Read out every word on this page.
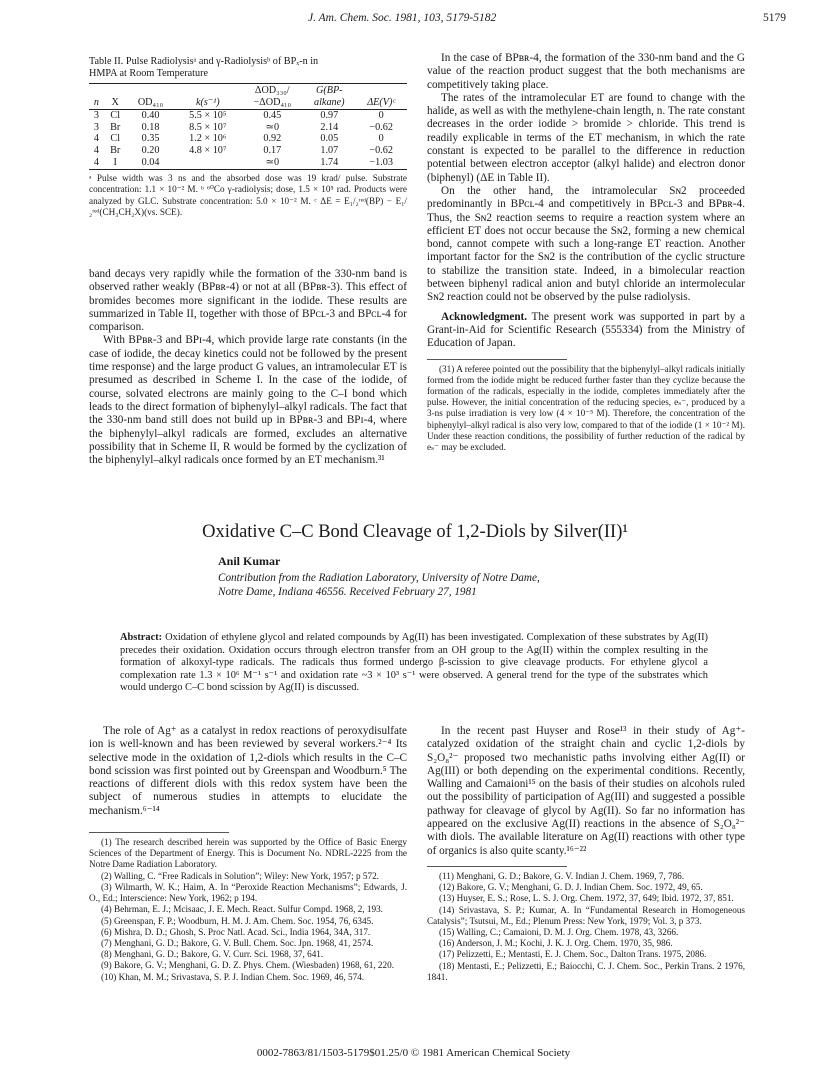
J. Am. Chem. Soc. 1981, 103, 5179-5182	5179
Table II. Pulse Radiolysisᵃ and γ-Radiolysisᵇ of BPₓ-n in
HMPA at Room Temperature
n	X	OD₄₁₀	k(s⁻¹)	ΔOD₃₃₀/ −ΔOD₄₁₀	G(BP-alkane)	ΔE(V)ᶜ

3	Cl	0.40	5.5 × 10⁵	0.45	0.97	0
3	Br	0.18	8.5 × 10⁷	≃0	2.14	−0.62
4	Cl	0.35	1.2 × 10⁶	0.92	0.05	0
4	Br	0.20	4.8 × 10⁷	0.17	1.07	−0.62
4	I	0.04		≃0	1.74	−1.03
ᵃ Pulse width was 3 ns and the absorbed dose was 19 krad/ pulse. Substrate concentration: 1.1 × 10⁻² M. ᵇ ⁶⁰Co γ-radiolysis; dose, 1.5 × 10⁵ rad. Products were analyzed by GLC. Substrate concentration: 5.0 × 10⁻² M. ᶜ ΔE = E₁/₂ʳᵉᵈ(BP) − E₁/₂ʳᵉᵈ(CH₃CH₂X)(vs. SCE).

band decays very rapidly while the formation of the 330-nm band is observed rather weakly (BPʙʀ-4) or not at all (BPʙʀ-3). This effect of bromides becomes more significant in the iodide. These results are summarized in Table II, together with those of BPᴄʟ-3 and BPᴄʟ-4 for comparison.

With BPʙʀ-3 and BPɪ-4, which provide large rate constants (in the case of iodide, the decay kinetics could not be followed by the present time response) and the large product G values, an intramolecular ET is presumed as described in Scheme I. In the case of the iodide, of course, solvated electrons are mainly going to the C–I bond which leads to the direct formation of biphenylyl–alkyl radicals. The fact that the 330-nm band still does not build up in BPʙʀ-3 and BPɪ-4, where the biphenylyl–alkyl radicals are formed, excludes an alternative possibility that in Scheme II, R would be formed by the cyclization of the biphenylyl–alkyl radicals once formed by an ET mechanism.³¹

In the case of BPʙʀ-4, the formation of the 330-nm band and the G value of the reaction product suggest that the both mechanisms are competitively taking place.

The rates of the intramolecular ET are found to change with the halide, as well as with the methylene-chain length, n. The rate constant decreases in the order iodide > bromide > chloride. This trend is readily explicable in terms of the ET mechanism, in which the rate constant is expected to be parallel to the difference in reduction potential between electron acceptor (alkyl halide) and electron donor (biphenyl) (ΔE in Table II).

On the other hand, the intramolecular Sɴ2 proceeded predominantly in BPᴄʟ-4 and competitively in BPᴄʟ-3 and BPʙʀ-4. Thus, the Sɴ2 reaction seems to require a reaction system where an efficient ET does not occur because the Sɴ2, forming a new chemical bond, cannot compete with such a long-range ET reaction. Another important factor for the Sɴ2 is the contribution of the cyclic structure to stabilize the transition state. Indeed, in a bimolecular reaction between biphenyl radical anion and butyl chloride an intermolecular Sɴ2 reaction could not be observed by the pulse radiolysis.

Acknowledgment. The present work was supported in part by a Grant-in-Aid for Scientific Research (555334) from the Ministry of Education of Japan.

(31) A referee pointed out the possibility that the biphenylyl–alkyl radicals initially formed from the iodide might be reduced further faster than they cyclize because the formation of the radicals, especially in the iodide, completes immediately after the pulse. However, the initial concentration of the reducing species, eₛ⁻, produced by a 3-ns pulse irradiation is very low (4 × 10⁻⁵ M). Therefore, the concentration of the biphenylyl–alkyl radical is also very low, compared to that of the iodide (1 × 10⁻² M). Under these reaction conditions, the possibility of further reduction of the radical by eₛ⁻ may be excluded.

Oxidative C–C Bond Cleavage of 1,2-Diols by Silver(II)¹
Anil Kumar
Contribution from the Radiation Laboratory, University of Notre Dame,
Notre Dame, Indiana 46556. Received February 27, 1981
Abstract: Oxidation of ethylene glycol and related compounds by Ag(II) has been investigated. Complexation of these substrates by Ag(II) precedes their oxidation. Oxidation occurs through electron transfer from an OH group to the Ag(II) within the complex resulting in the formation of alkoxyl-type radicals. The radicals thus formed undergo β-scission to give cleavage products. For ethylene glycol a complexation rate 1.3 × 10⁶ M⁻¹ s⁻¹ and oxidation rate ~3 × 10³ s⁻¹ were observed. A general trend for the type of the substrates which would undergo C–C bond scission by Ag(II) is discussed.

The role of Ag⁺ as a catalyst in redox reactions of peroxydisulfate ion is well-known and has been reviewed by several workers.²⁻⁴ Its selective mode in the oxidation of 1,2-diols which results in the C–C bond scission was first pointed out by Greenspan and Woodburn.⁵ The reactions of different diols with this redox system have been the subject of numerous studies in attempts to elucidate the mechanism.⁶⁻¹⁴

(1) The research described herein was supported by the Office of Basic Energy Sciences of the Department of Energy. This is Document No. NDRL-2225 from the Notre Dame Radiation Laboratory.

(2) Walling, C. “Free Radicals in Solution”; Wiley: New York, 1957; p 572.

(3) Wilmarth, W. K.; Haim, A. In “Peroxide Reaction Mechanisms”; Edwards, J. O., Ed.; Interscience: New York, 1962; p 194.

(4) Behrman, E. J.; Mcisaac, J. E. Mech. React. Sulfur Compd. 1968, 2, 193.

(5) Greenspan, F. P.; Woodburn, H. M. J. Am. Chem. Soc. 1954, 76, 6345.

(6) Mishra, D. D.; Ghosh, S. Proc Natl. Acad. Sci., India 1964, 34A, 317.

(7) Menghani, G. D.; Bakore, G. V. Bull. Chem. Soc. Jpn. 1968, 41, 2574.

(8) Menghani, G. D.; Bakore, G. V. Curr. Sci. 1968, 37, 641.

(9) Bakore, G. V.; Menghani, G. D. Z. Phys. Chem. (Wiesbaden) 1968, 61, 220.

(10) Khan, M. M.; Srivastava, S. P. J. Indian Chem. Soc. 1969, 46, 574.

In the recent past Huyser and Rose¹³ in their study of Ag⁺-catalyzed oxidation of the straight chain and cyclic 1,2-diols by S₂O₈²⁻ proposed two mechanistic paths involving either Ag(II) or Ag(III) or both depending on the experimental conditions. Recently, Walling and Camaioni¹⁵ on the basis of their studies on alcohols ruled out the possibility of participation of Ag(III) and suggested a possible pathway for cleavage of glycol by Ag(II). So far no information has appeared on the exclusive Ag(II) reactions in the absence of S₂O₈²⁻ with diols. The available literature on Ag(II) reactions with other type of organics is also quite scanty.¹⁶⁻²²

(11) Menghani, G. D.; Bakore, G. V. Indian J. Chem. 1969, 7, 786.

(12) Bakore, G. V.; Menghani, G. D. J. Indian Chem. Soc. 1972, 49, 65.

(13) Huyser, E. S.; Rose, L. S. J. Org. Chem. 1972, 37, 649; Ibid. 1972, 37, 851.

(14) Srivastava, S. P.; Kumar, A. In “Fundamental Research in Homogeneous Catalysis”; Tsutsui, M., Ed.; Plenum Press: New York, 1979; Vol. 3, p 373.

(15) Walling, C.; Camaioni, D. M. J. Org. Chem. 1978, 43, 3266.

(16) Anderson, J. M.; Kochi, J. K. J. Org. Chem. 1970, 35, 986.

(17) Pelizzetti, E.; Mentasti, E. J. Chem. Soc., Dalton Trans. 1975, 2086.

(18) Mentasti, E.; Pelizzetti, E.; Baiocchi, C. J. Chem. Soc., Perkin Trans. 2 1976, 1841.

0002-7863/81/1503-5179$01.25/0 © 1981 American Chemical Society
